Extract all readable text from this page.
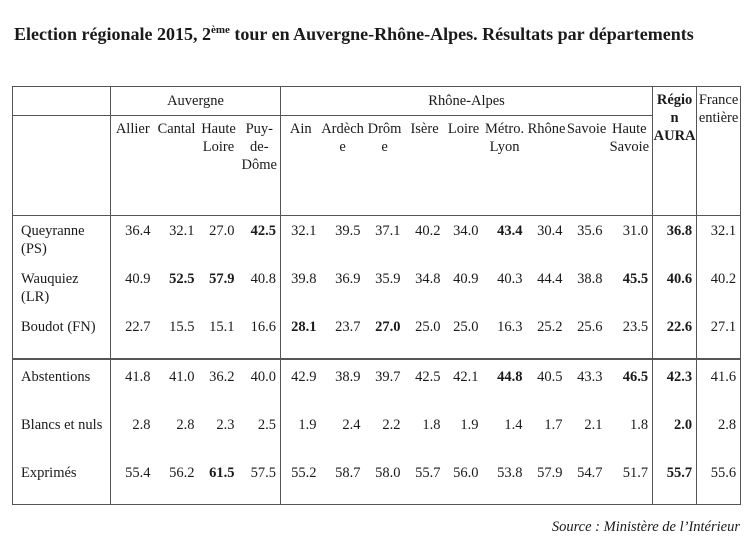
Election régionale 2015, 2ème tour en Auvergne-Rhône-Alpes. Résultats par départements
	Auvergne				Rhône-Alpes									Région AURA	France entière
	Allier	Cantal	Haute Loire	Puy-de-Dôme	Ain	Ardèche	Drôme	Isère	Loire	Métro. Lyon	Rhône	Savoie	Haute Savoie		
Queyranne (PS)	36.4	32.1	27.0	42.5	32.1	39.5	37.1	40.2	34.0	43.4	30.4	35.6	31.0	36.8	32.1
Wauquiez (LR)	40.9	52.5	57.9	40.8	39.8	36.9	35.9	34.8	40.9	40.3	44.4	38.8	45.5	40.6	40.2
Boudot (FN)	22.7	15.5	15.1	16.6	28.1	23.7	27.0	25.0	25.0	16.3	25.2	25.6	23.5	22.6	27.1
Abstentions	41.8	41.0	36.2	40.0	42.9	38.9	39.7	42.5	42.1	44.8	40.5	43.3	46.5	42.3	41.6
Blancs et nuls	2.8	2.8	2.3	2.5	1.9	2.4	2.2	1.8	1.9	1.4	1.7	2.1	1.8	2.0	2.8
Exprimés	55.4	56.2	61.5	57.5	55.2	58.7	58.0	55.7	56.0	53.8	57.9	54.7	51.7	55.7	55.6
Source : Ministère de l’Intérieur
